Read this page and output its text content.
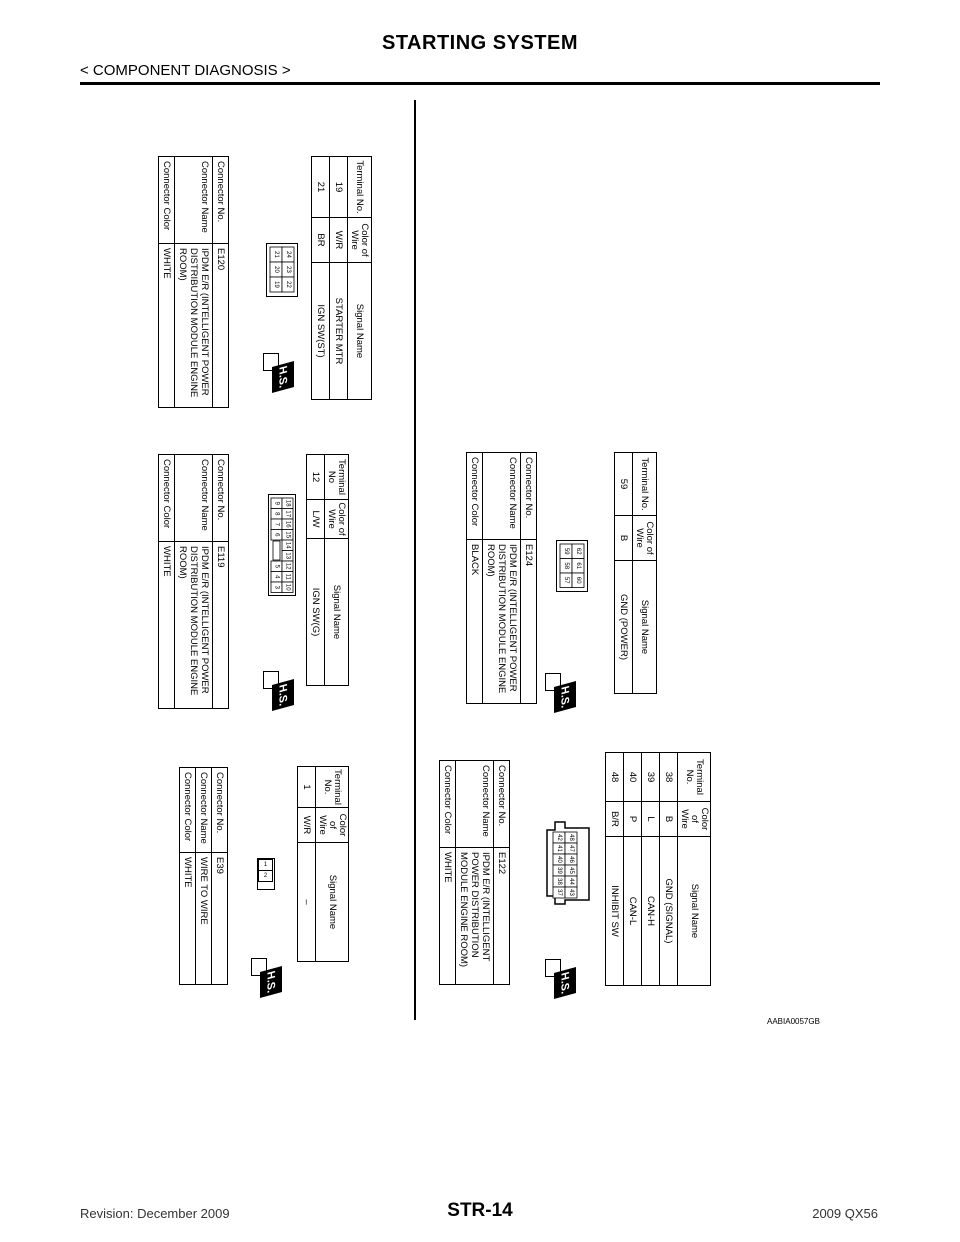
STARTING SYSTEM
< COMPONENT DIAGNOSIS >
Connector No.	E39
Connector Name	WIRE TO WIRE
Connector Color	WHITE
H.S.
1
2
Terminal No.	Color of Wire	Signal Name
1	W/R	–
Connector No.	E119
Connector Name	IPDM E/R (INTELLIGENT POWER DISTRIBUTION MODULE ENGINE ROOM)
Connector Color	WHITE
H.S.
9
8
7
6
5
4
3
18
17
16
15
14
13
12
11
10
Terminal No	Color of Wire	Signal Name
12	L/W	IGN SW(G)
Connector No.	E120
Connector Name	IPDM E/R (INTELLIGENT POWER DISTRIBUTION MODULE ENGINE ROOM)
Connector Color	WHITE
H.S.
21
20
19
24
23
22
Terminal No.	Color of Wire	Signal Name
19	W/R	STARTER MTR
21	BR	IGN SW(ST)
Connector No.	E122
Connector Name	IPDM E/R (INTELLIGENT POWER DISTRIBUTION MODULE ENGINE ROOM)
Connector Color	WHITE
H.S.
42
41
40
39
38
37
48
47
46
45
44
43
Terminal No.	Color of Wire	Signal Name
38	B	GND (SIGNAL)
39	L	CAN-H
40	P	CAN-L
48	B/R	INHIBIT SW
Connector No.	E124
Connector Name	IPDM E/R (INTELLIGENT POWER DISTRIBUTION MODULE ENGINE ROOM)
Connector Color	BLACK
H.S.
59
58
57
62
61
60
Terminal No.	Color of Wire	Signal Name
59	B	GND (POWER)
AABIA0057GB
Revision: December 2009	STR-14	2009 QX56
